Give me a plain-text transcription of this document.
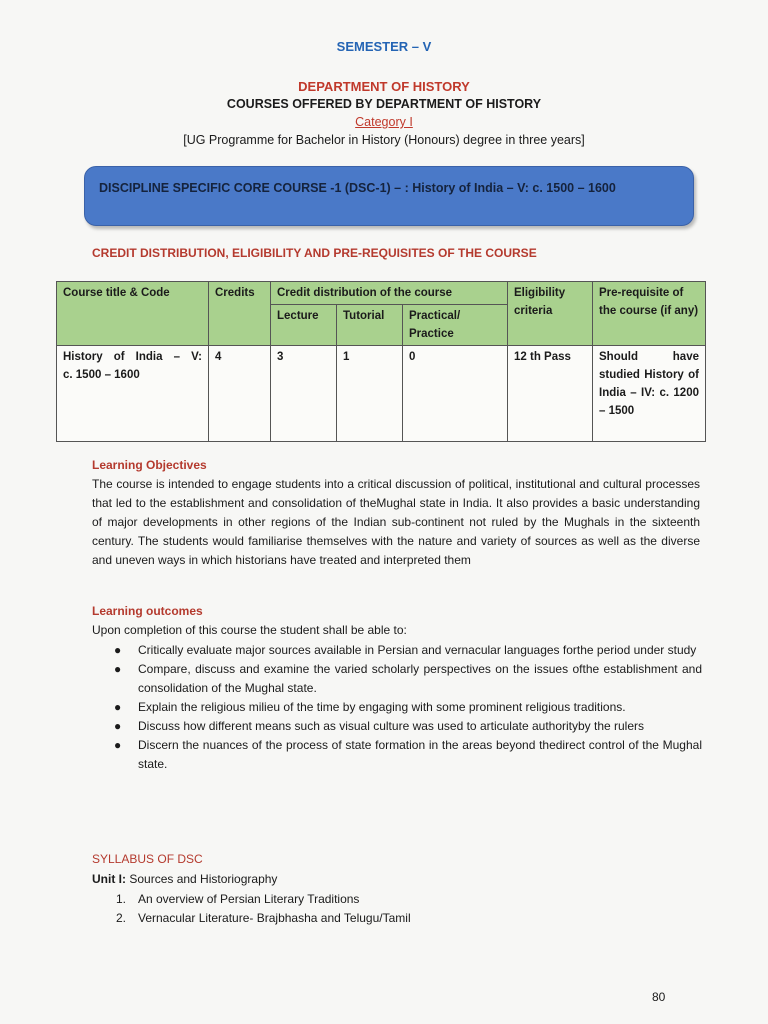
SEMESTER – V
DEPARTMENT OF HISTORY
COURSES OFFERED BY DEPARTMENT OF HISTORY
Category I
[UG Programme for Bachelor in History (Honours) degree in three years]
DISCIPLINE SPECIFIC CORE COURSE -1 (DSC-1) – : History of India – V: c. 1500 – 1600
CREDIT DISTRIBUTION, ELIGIBILITY AND PRE-REQUISITES OF THE COURSE
Course title & Code	Credits	Credit distribution of the course			Eligibility criteria	Pre-requisite of the course (if any)
		Lecture	Tutorial	Practical/ Practice		

History of India – V:
c. 1500 – 1600	4	3	1	0	12 th Pass	Should have studied History of India – IV: c. 1200 – 1500
Learning Objectives
The course is intended to engage students into a critical discussion of political, institutional and cultural processes that led to the establishment and consolidation of theMughal state in India. It also provides a basic understanding of major developments in other regions of the Indian sub-continent not ruled by the Mughals in the sixteenth century. The students would familiarise themselves with the nature and variety of sources as well as the diverse and uneven ways in which historians have treated and interpreted them
Learning outcomes
Upon completion of this course the student shall be able to:
● Critically evaluate major sources available in Persian and vernacular languages forthe period under study
● Compare, discuss and examine the varied scholarly perspectives on the issues ofthe establishment and consolidation of the Mughal state.
● Explain the religious milieu of the time by engaging with some prominent religious traditions.
● Discuss how different means such as visual culture was used to articulate authorityby the rulers
● Discern the nuances of the process of state formation in the areas beyond thedirect control of the Mughal state.
SYLLABUS OF DSC
Unit I: Sources and Historiography
1. An overview of Persian Literary Traditions
2. Vernacular Literature- Brajbhasha and Telugu/Tamil
80
